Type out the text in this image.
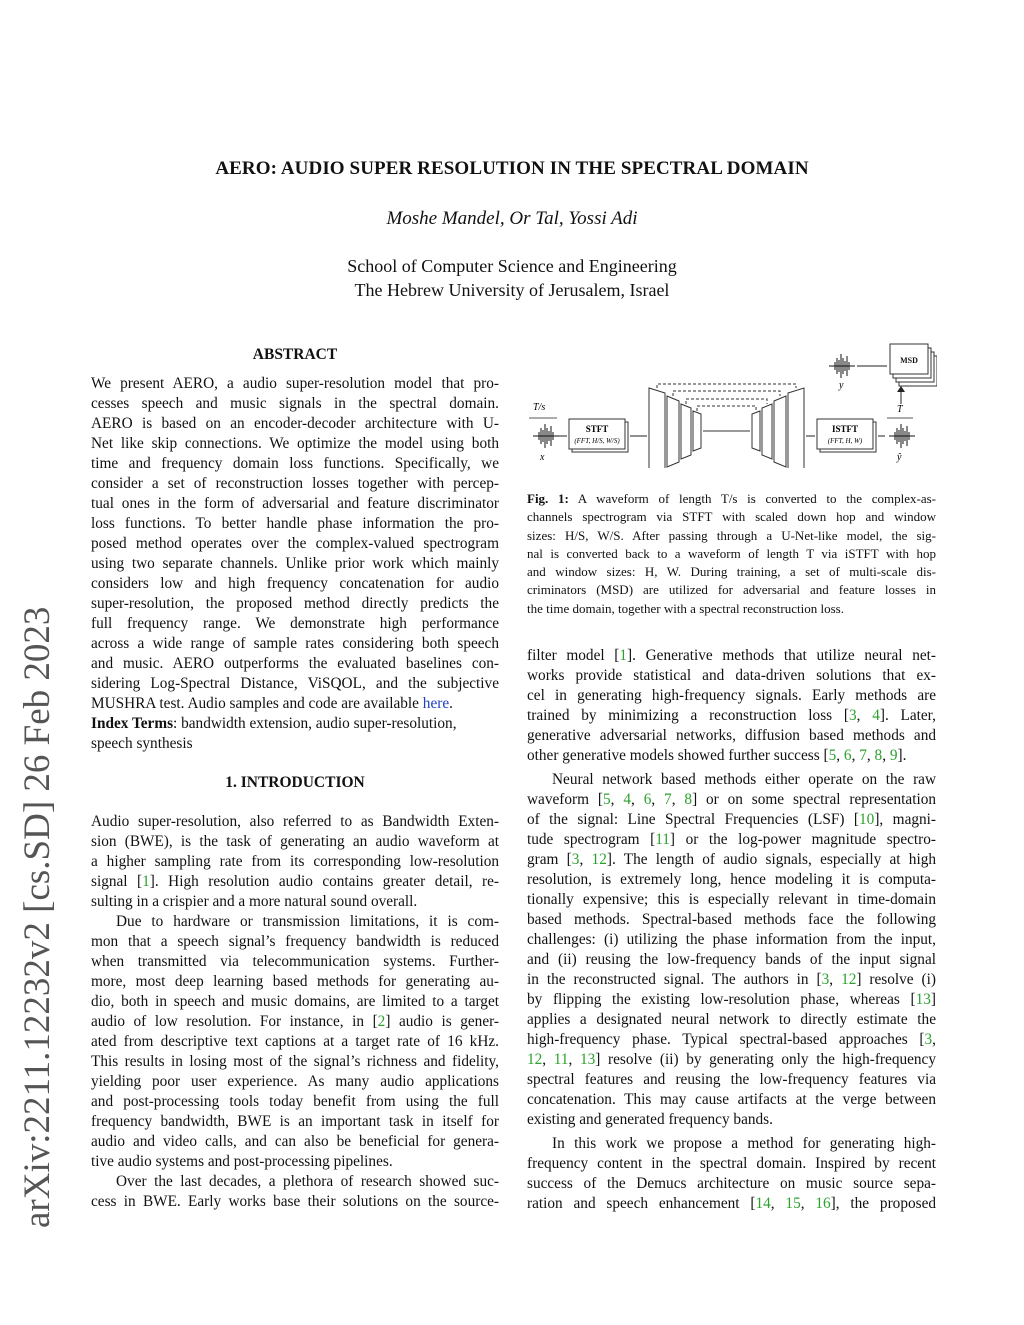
arXiv:2211.12232v2 [cs.SD] 26 Feb 2023
AERO: AUDIO SUPER RESOLUTION IN THE SPECTRAL DOMAIN
Moshe Mandel, Or Tal, Yossi Adi
School of Computer Science and Engineering
The Hebrew University of Jerusalem, Israel
ABSTRACT
We present AERO, a audio super-resolution model that pro-
cesses speech and music signals in the spectral domain.
AERO is based on an encoder-decoder architecture with U-
Net like skip connections. We optimize the model using both
time and frequency domain loss functions. Specifically, we
consider a set of reconstruction losses together with percep-
tual ones in the form of adversarial and feature discriminator
loss functions. To better handle phase information the pro-
posed method operates over the complex-valued spectrogram
using two separate channels. Unlike prior work which mainly
considers low and high frequency concatenation for audio
super-resolution, the proposed method directly predicts the
full frequency range. We demonstrate high performance
across a wide range of sample rates considering both speech
and music. AERO outperforms the evaluated baselines con-
sidering Log-Spectral Distance, ViSQOL, and the subjective
MUSHRA test. Audio samples and code are available here.
Index Terms: bandwidth extension, audio super-resolution,
speech synthesis
1. INTRODUCTION
Audio super-resolution, also referred to as Bandwidth Exten-
sion (BWE), is the task of generating an audio waveform at
a higher sampling rate from its corresponding low-resolution
signal [1]. High resolution audio contains greater detail, re-
sulting in a crispier and a more natural sound overall.
Due to hardware or transmission limitations, it is com-
mon that a speech signal’s frequency bandwidth is reduced
when transmitted via telecommunication systems. Further-
more, most deep learning based methods for generating au-
dio, both in speech and music domains, are limited to a target
audio of low resolution. For instance, in [2] audio is gener-
ated from descriptive text captions at a target rate of 16 kHz.
This results in losing most of the signal’s richness and fidelity,
yielding poor user experience. As many audio applications
and post-processing tools today benefit from using the full
frequency bandwidth, BWE is an important task in itself for
audio and video calls, and can also be beneficial for genera-
tive audio systems and post-processing pipelines.
Over the last decades, a plethora of research showed suc-
cess in BWE. Early works base their solutions on the source-
T/s
x
STFT
(FFT, H/S, W/S)
ISTFT
(FFT, H, W)
T
ŷ
y
MSD
Fig. 1: A waveform of length T/s is converted to the complex-as-
channels spectrogram via STFT with scaled down hop and window
sizes: H/S, W/S. After passing through a U-Net-like model, the sig-
nal is converted back to a waveform of length T via iSTFT with hop
and window sizes: H, W. During training, a set of multi-scale dis-
criminators (MSD) are utilized for adversarial and feature losses in
the time domain, together with a spectral reconstruction loss.
filter model [1]. Generative methods that utilize neural net-
works provide statistical and data-driven solutions that ex-
cel in generating high-frequency signals. Early methods are
trained by minimizing a reconstruction loss [3, 4]. Later,
generative adversarial networks, diffusion based methods and
other generative models showed further success [5, 6, 7, 8, 9].
Neural network based methods either operate on the raw
waveform [5, 4, 6, 7, 8] or on some spectral representation
of the signal: Line Spectral Frequencies (LSF) [10], magni-
tude spectrogram [11] or the log-power magnitude spectro-
gram [3, 12]. The length of audio signals, especially at high
resolution, is extremely long, hence modeling it is computa-
tionally expensive; this is especially relevant in time-domain
based methods. Spectral-based methods face the following
challenges: (i) utilizing the phase information from the input,
and (ii) reusing the low-frequency bands of the input signal
in the reconstructed signal. The authors in [3, 12] resolve (i)
by flipping the existing low-resolution phase, whereas [13]
applies a designated neural network to directly estimate the
high-frequency phase. Typical spectral-based approaches [3,
12, 11, 13] resolve (ii) by generating only the high-frequency
spectral features and reusing the low-frequency features via
concatenation. This may cause artifacts at the verge between
existing and generated frequency bands.
In this work we propose a method for generating high-
frequency content in the spectral domain. Inspired by recent
success of the Demucs architecture on music source sepa-
ration and speech enhancement [14, 15, 16], the proposed
